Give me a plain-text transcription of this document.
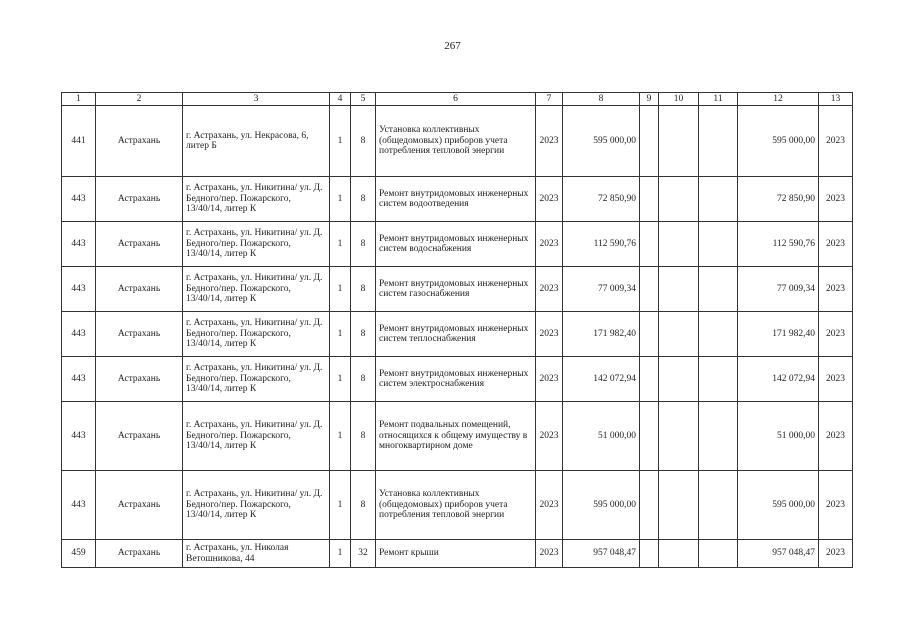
267
1	2	3	4	5	6	7	8	9	10	11	12	13
441	Астрахань	г. Астрахань, ул. Некрасова, 6, литер Б	1	8	Установка коллективных (общедомовых) приборов учета потребления тепловой энергии	2023	595 000,00				595 000,00	2023
443	Астрахань	г. Астрахань, ул. Никитина/ ул. Д. Бедного/пер. Пожарского, 13/40/14, литер К	1	8	Ремонт внутридомовых инженерных систем водоотведения	2023	72 850,90				72 850,90	2023
443	Астрахань	г. Астрахань, ул. Никитина/ ул. Д. Бедного/пер. Пожарского, 13/40/14, литер К	1	8	Ремонт внутридомовых инженерных систем водоснабжения	2023	112 590,76				112 590,76	2023
443	Астрахань	г. Астрахань, ул. Никитина/ ул. Д. Бедного/пер. Пожарского, 13/40/14, литер К	1	8	Ремонт внутридомовых инженерных систем газоснабжения	2023	77 009,34				77 009,34	2023
443	Астрахань	г. Астрахань, ул. Никитина/ ул. Д. Бедного/пер. Пожарского, 13/40/14, литер К	1	8	Ремонт внутридомовых инженерных систем теплоснабжения	2023	171 982,40				171 982,40	2023
443	Астрахань	г. Астрахань, ул. Никитина/ ул. Д. Бедного/пер. Пожарского, 13/40/14, литер К	1	8	Ремонт внутридомовых инженерных систем электроснабжения	2023	142 072,94				142 072,94	2023
443	Астрахань	г. Астрахань, ул. Никитина/ ул. Д. Бедного/пер. Пожарского, 13/40/14, литер К	1	8	Ремонт подвальных помещений, относящихся к общему имуществу в многоквартирном доме	2023	51 000,00				51 000,00	2023
443	Астрахань	г. Астрахань, ул. Никитина/ ул. Д. Бедного/пер. Пожарского, 13/40/14, литер К	1	8	Установка коллективных (общедомовых) приборов учета потребления тепловой энергии	2023	595 000,00				595 000,00	2023
459	Астрахань	г. Астрахань, ул. Николая Ветошникова, 44	1	32	Ремонт крыши	2023	957 048,47				957 048,47	2023
